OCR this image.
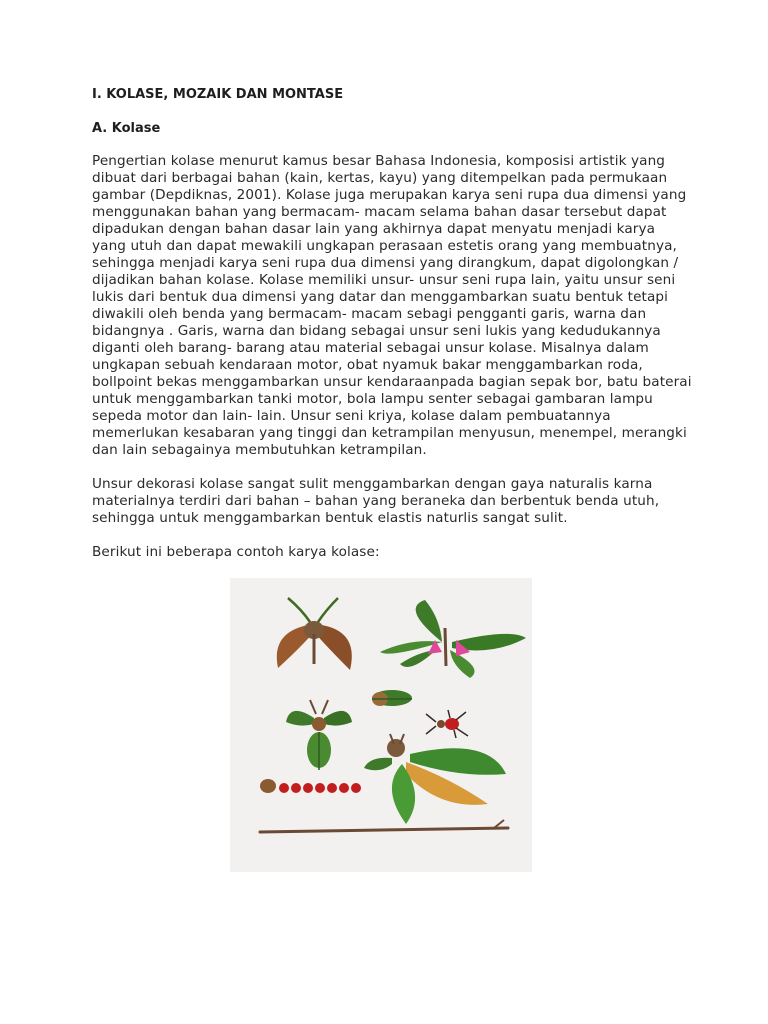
I. KOLASE, MOZAIK DAN MONTASE
A. Kolase
Pengertian kolase menurut kamus besar Bahasa Indonesia, komposisi artistik yang dibuat dari berbagai bahan (kain, kertas, kayu) yang ditempelkan pada permukaan gambar (Depdiknas, 2001). Kolase juga merupakan karya seni rupa dua dimensi yang menggunakan bahan yang bermacam- macam selama bahan dasar tersebut dapat dipadukan dengan bahan dasar lain yang akhirnya dapat menyatu menjadi karya yang utuh dan dapat mewakili ungkapan perasaan estetis orang yang membuatnya, sehingga menjadi karya seni rupa dua dimensi yang dirangkum, dapat digolongkan / dijadikan bahan kolase. Kolase memiliki unsur- unsur seni rupa lain, yaitu unsur seni lukis dari bentuk dua dimensi yang datar dan menggambarkan suatu bentuk tetapi diwakili oleh benda yang bermacam- macam sebagi pengganti garis, warna dan bidangnya . Garis, warna dan bidang sebagai unsur seni lukis yang kedudukannya diganti oleh barang- barang atau material sebagai unsur kolase. Misalnya dalam ungkapan sebuah kendaraan motor, obat nyamuk bakar menggambarkan roda, bollpoint bekas menggambarkan unsur kendaraanpada bagian sepak bor, batu baterai untuk menggambarkan tanki motor, bola lampu senter sebagai gambaran lampu sepeda motor dan lain- lain. Unsur seni kriya, kolase dalam pembuatannya memerlukan kesabaran yang tinggi dan ketrampilan menyusun, menempel, merangki dan lain sebagainya membutuhkan ketrampilan.
Unsur dekorasi kolase sangat sulit menggambarkan dengan gaya naturalis karna materialnya terdiri dari bahan – bahan yang beraneka dan berbentuk benda utuh, sehingga untuk menggambarkan bentuk elastis naturlis sangat sulit.
Berikut ini beberapa contoh karya kolase:
